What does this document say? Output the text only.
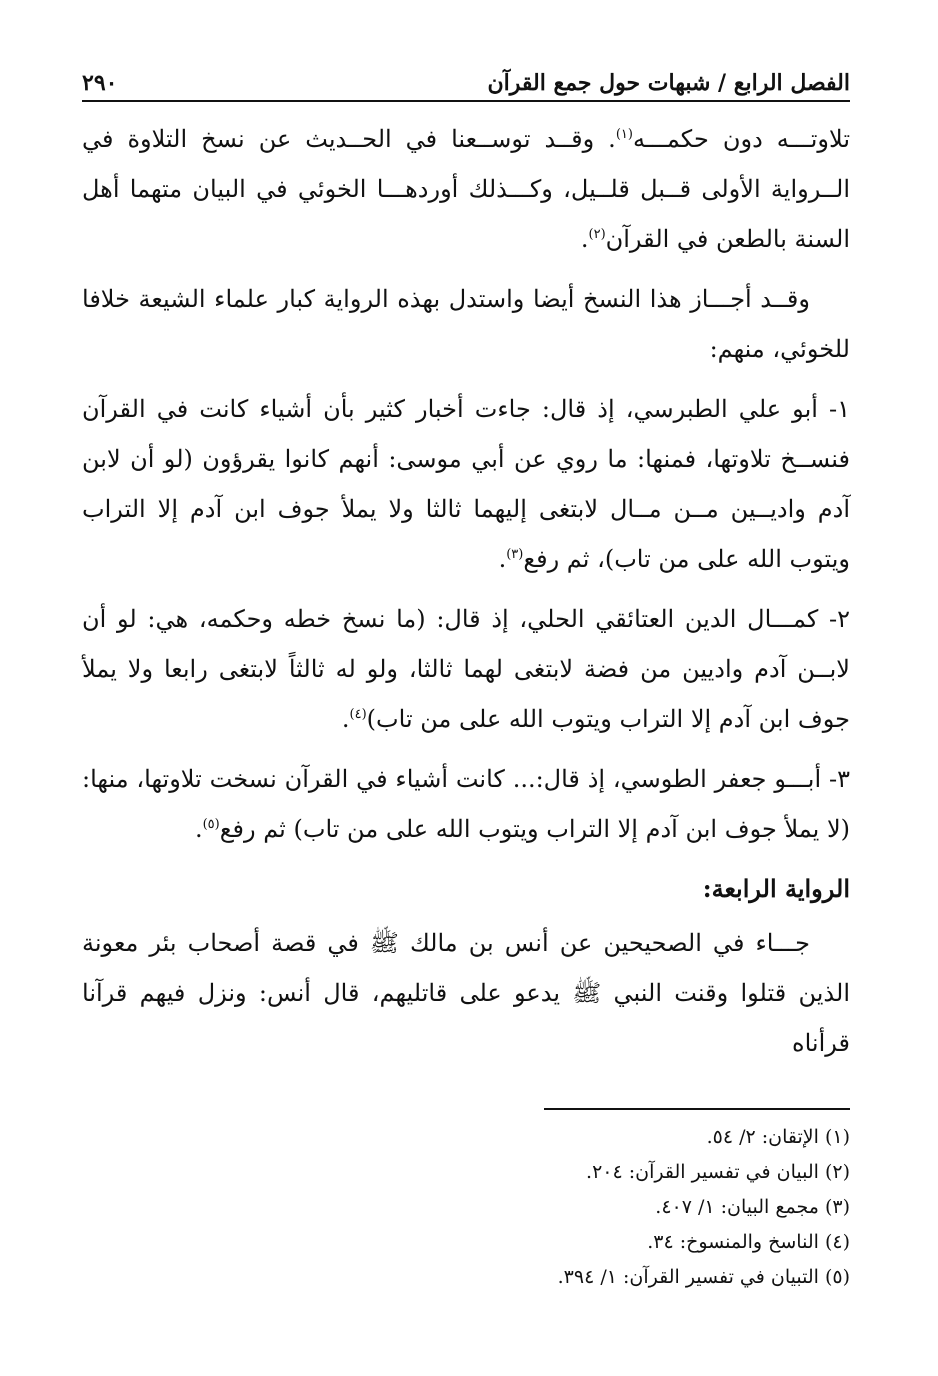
الفصل الرابع / شبهات حول جمع القرآن
٢٩٠

تلاوتـــه دون حكمـــه$^{(١)}$. وقــد توســعنا في الحــديث عن نسخ التلاوة في الــرواية الأولى قــبل قلــيل، وكـــذلك أوردهـــا الخوئي في البيان متهما أهل السنة بالطعن في القرآن$^{(٢)}$.

وقــد أجـــاز هذا النسخ أيضا واستدل بهذه الرواية كبار علماء الشيعة خلافا للخوئي، منهم:

١- أبو علي الطبرسي، إذ قال: جاءت أخبار كثير بأن أشياء كانت في القرآن فنســخ تلاوتها، فمنها: ما روي عن أبي موسى: أنهم كانوا يقرؤون (لو أن لابن آدم واديــين مــن مــال لابتغى إليهما ثالثا ولا يملأ جوف ابن آدم إلا التراب ويتوب الله على من تاب)، ثم رفع$^{(٣)}$.

٢- كمـــال الدين العتائقي الحلي، إذ قال: (ما نسخ خطه وحكمه، هي: لو أن لابــن آدم واديين من فضة لابتغى لهما ثالثا، ولو له ثالثاً لابتغى رابعا ولا يملأ جوف ابن آدم إلا التراب ويتوب الله على من تاب)$^{(٤)}$.

٣- أبـــو جعفر الطوسي، إذ قال:... كانت أشياء في القرآن نسخت تلاوتها، منها: (لا يملأ جوف ابن آدم إلا التراب ويتوب الله على من تاب) ثم رفع$^{(٥)}$.

الرواية الرابعة:

جـــاء في الصحيحين عن أنس بن مالك ﷺ في قصة أصحاب بئر معونة الذين قتلوا وقنت النبي ﷺ يدعو على قاتليهم، قال أنس: ونزل فيهم قرآنا قرأناه

(١) الإتقان: ٢/ ٥٤.
(٢) البيان في تفسير القرآن: ٢٠٤.
(٣) مجمع البيان: ١/ ٤٠٧.
(٤) الناسخ والمنسوخ: ٣٤.
(٥) التبيان في تفسير القرآن: ١/ ٣٩٤.
